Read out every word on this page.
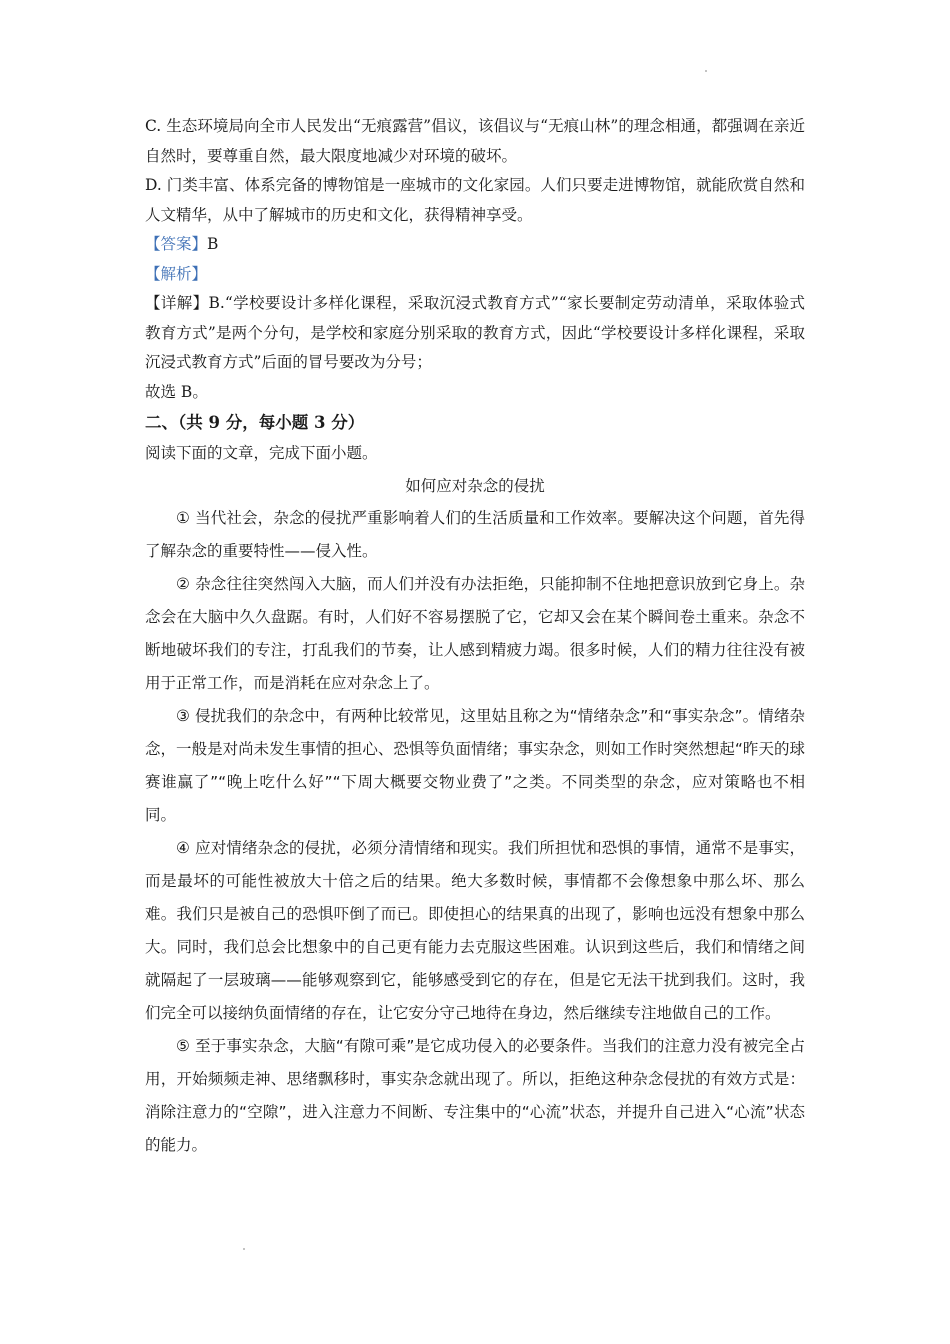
C. 生态环境局向全市人民发出“无痕露营”倡议，该倡议与“无痕山林”的理念相通，都强调在亲近自然时，要尊重自然，最大限度地减少对环境的破坏。

D. 门类丰富、体系完备的博物馆是一座城市的文化家园。人们只要走进博物馆，就能欣赏自然和人文精华，从中了解城市的历史和文化，获得精神享受。

【答案】B

【解析】

【详解】B.“学校要设计多样化课程，采取沉浸式教育方式”“家长要制定劳动清单，采取体验式教育方式”是两个分句，是学校和家庭分别采取的教育方式，因此“学校要设计多样化课程，采取沉浸式教育方式”后面的冒号要改为分号；

故选 B。

二、（共 9 分，每小题 3 分）

阅读下面的文章，完成下面小题。

如何应对杂念的侵扰

① 当代社会，杂念的侵扰严重影响着人们的生活质量和工作效率。要解决这个问题，首先得了解杂念的重要特性——侵入性。

② 杂念往往突然闯入大脑，而人们并没有办法拒绝，只能抑制不住地把意识放到它身上。杂念会在大脑中久久盘踞。有时，人们好不容易摆脱了它，它却又会在某个瞬间卷土重来。杂念不断地破坏我们的专注，打乱我们的节奏，让人感到精疲力竭。很多时候，人们的精力往往没有被用于正常工作，而是消耗在应对杂念上了。

③ 侵扰我们的杂念中，有两种比较常见，这里姑且称之为“情绪杂念”和“事实杂念”。情绪杂念，一般是对尚未发生事情的担心、恐惧等负面情绪；事实杂念，则如工作时突然想起“昨天的球赛谁赢了”“晚上吃什么好”“下周大概要交物业费了”之类。不同类型的杂念，应对策略也不相同。

④ 应对情绪杂念的侵扰，必须分清情绪和现实。我们所担忧和恐惧的事情，通常不是事实，而是最坏的可能性被放大十倍之后的结果。绝大多数时候，事情都不会像想象中那么坏、那么难。我们只是被自己的恐惧吓倒了而已。即使担心的结果真的出现了，影响也远没有想象中那么大。同时，我们总会比想象中的自己更有能力去克服这些困难。认识到这些后，我们和情绪之间就隔起了一层玻璃——能够观察到它，能够感受到它的存在，但是它无法干扰到我们。这时，我们完全可以接纳负面情绪的存在，让它安分守己地待在身边，然后继续专注地做自己的工作。

⑤ 至于事实杂念，大脑“有隙可乘”是它成功侵入的必要条件。当我们的注意力没有被完全占用，开始频频走神、思绪飘移时，事实杂念就出现了。所以，拒绝这种杂念侵扰的有效方式是：消除注意力的“空隙”，进入注意力不间断、专注集中的“心流”状态，并提升自己进入“心流”状态的能力。
